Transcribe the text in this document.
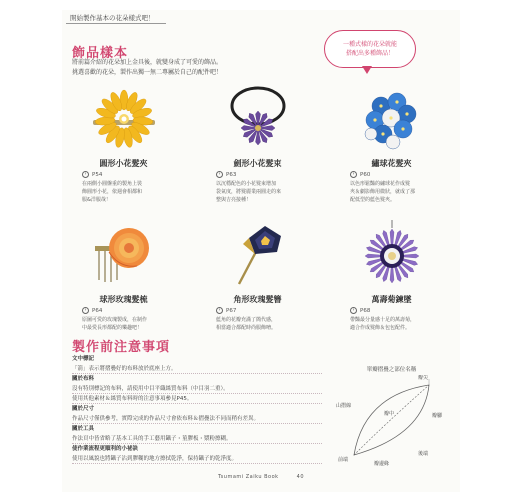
開始製作基本の花朵樣式吧！
飾品樣本

將前篇介紹的花朵加上金具後，就變身成了可愛的飾品。

挑選喜歡的花朵，製作出獨一無二專屬於自己的配件吧！

一種式樣的花朵就能
搭配出多種飾品！
圓形小花髮夾
›	P54
在兩側小圓盤重的製角上裝
飾圓形小花，依週會相都和
服&洋服哉！
劍形小花髮束
›	P63
以沉穩配色的小花髮束增加
袋氣度，將髮麗業兩圓走的來
整與吉亮接種！
繡球花髮夾
›	P60
以色形鬆豔的繡球花作成髮
夾＆劇影飾用微狀，就成了那
配低型的藍色髮夾。
球形玫瑰髮梳
›	P64
原圖可愛的玫瑰製成，在制作
中最愛長形都配的樂趣吧！
角形玫瑰髮簪
›	P67
藍角的花瓣充滿了簡代感，
相當適合都配時尚服飾唷。
萬壽菊鍊墜
›	P68
帶豔最分量感十足的萬壽菊，
適合作成髮飾＆包包配件。
製作前注意事項
文中標記
「箭」表示將摺疊好的布料放於底座上方。
關於布料
沒有特別標記的布料，請使用中目平織絲質布料（中目羽二重）。
使用其他素材＆絲質布料時的注意事項參見P45。
關於尺寸
作品尺寸僅供參考，實際完成的作品尺寸會依布料＆摺疊法不同而稍有差異。
關於工具
作法頁中皆省略了基本工具的手工藝用鑷子・菫膠板・漿粉擦糊。
使作業流程更順利的小祕訣
使用以風貌也將鑷子沾到膠糊的地方擦拭乾淨，保持鑷子的乾淨度。
單瓣摺疊之部位名稱
山摺線
瓣中
瓣尖
瓣腳
前端
瓣邊緣
後端
Tsumami Zaiku Book	40
